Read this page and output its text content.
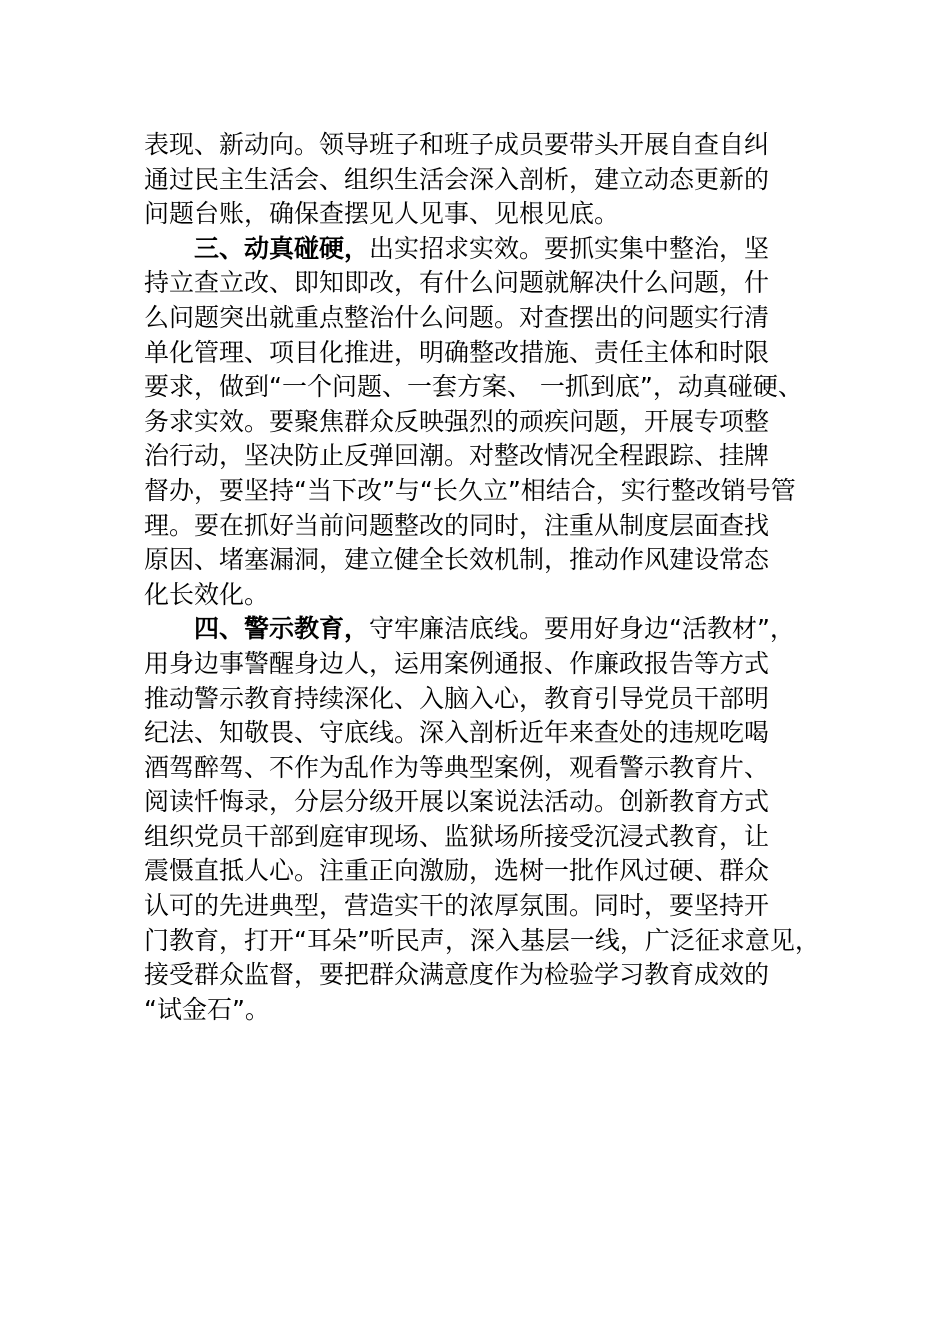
表现、新动向。领导班子和班子成员要带头开展自查自纠
通过民主生活会、组织生活会深入剖析，建立动态更新的
问题台账，确保查摆见人见事、见根见底。
三、动真碰硬，出实招求实效。要抓实集中整治，坚
持立查立改、即知即改，有什么问题就解决什么问题，什
么问题突出就重点整治什么问题。对查摆出的问题实行清
单化管理、项目化推进，明确整改措施、责任主体和时限
要求，做到“一个问题、一套方案、 一抓到底”，动真碰硬、
务求实效。要聚焦群众反映强烈的顽疾问题，开展专项整
治行动，坚决防止反弹回潮。对整改情况全程跟踪、挂牌
督办，要坚持“当下改”与“长久立”相结合，实行整改销号管
理。要在抓好当前问题整改的同时，注重从制度层面查找
原因、堵塞漏洞，建立健全长效机制，推动作风建设常态
化长效化。
四、警示教育，守牢廉洁底线。要用好身边“活教材”，
用身边事警醒身边人，运用案例通报、作廉政报告等方式
推动警示教育持续深化、入脑入心，教育引导党员干部明
纪法、知敬畏、守底线。深入剖析近年来查处的违规吃喝
酒驾醉驾、不作为乱作为等典型案例，观看警示教育片、
阅读忏悔录，分层分级开展以案说法活动。创新教育方式
组织党员干部到庭审现场、监狱场所接受沉浸式教育，让
震慑直抵人心。注重正向激励，选树一批作风过硬、群众
认可的先进典型，营造实干的浓厚氛围。同时，要坚持开
门教育，打开“耳朵”听民声，深入基层一线，广泛征求意见，
接受群众监督，要把群众满意度作为检验学习教育成效的
“试金石”。
